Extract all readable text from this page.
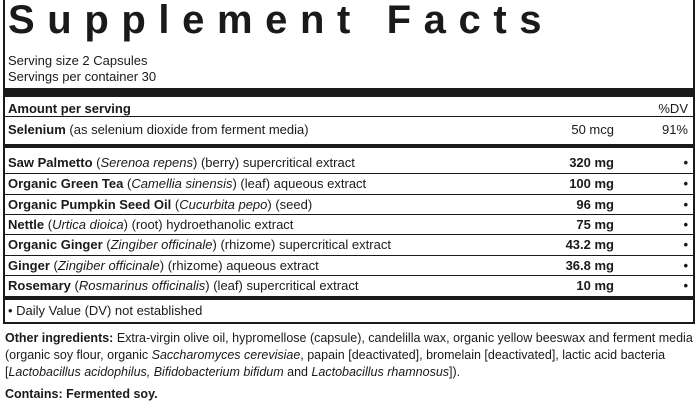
Supplement Facts
Serving size 2 Capsules
Servings per container 30
Amount per serving	%DV
Selenium (as selenium dioxide from ferment media)	50 mcg	91%
Saw Palmetto (Serenoa repens) (berry) supercritical extract	320 mg	•
Organic Green Tea (Camellia sinensis) (leaf) aqueous extract	100 mg	•
Organic Pumpkin Seed Oil (Cucurbita pepo) (seed)	96 mg	•
Nettle (Urtica dioica) (root) hydroethanolic extract	75 mg	•
Organic Ginger (Zingiber officinale) (rhizome) supercritical extract	43.2 mg	•
Ginger (Zingiber officinale) (rhizome) aqueous extract	36.8 mg	•
Rosemary (Rosmarinus officinalis) (leaf) supercritical extract	10 mg	•
• Daily Value (DV) not established
Other ingredients: Extra-virgin olive oil, hypromellose (capsule), candelilla wax, organic yellow beeswax and ferment media (organic soy flour, organic Saccharomyces cerevisiae, papain [deactivated], bromelain [deactivated], lactic acid bacteria [Lactobacillus acidophilus, Bifidobacterium bifidum and Lactobacillus rhamnosus]).
Contains: Fermented soy.
